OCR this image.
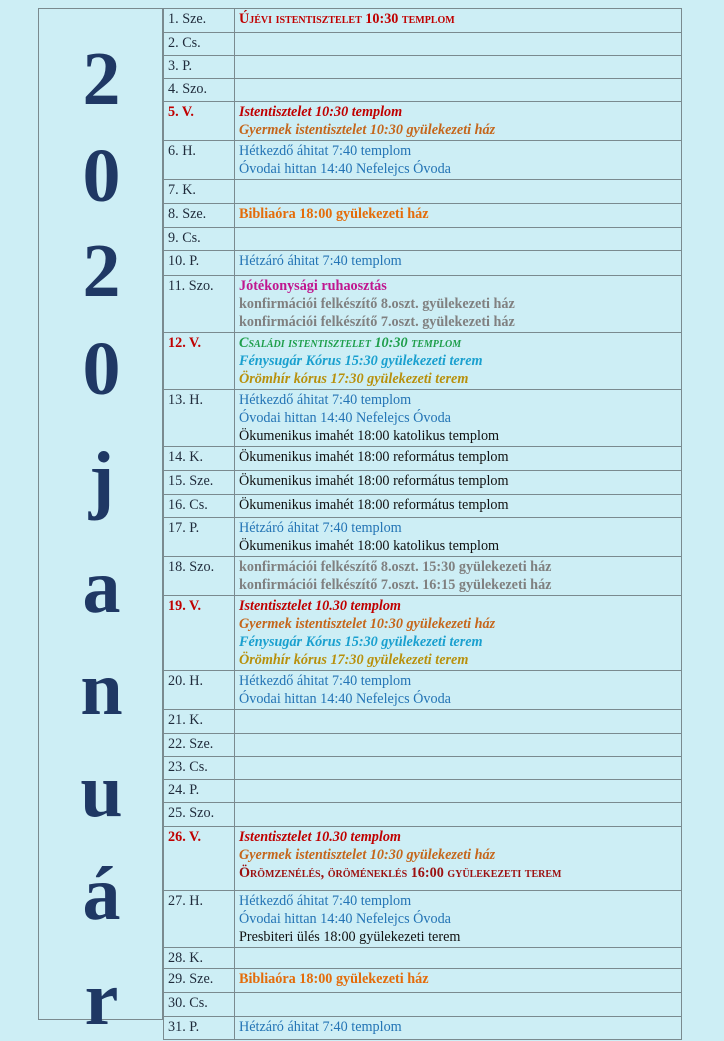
2
0
2
0
j
a
n
u
á
r
1. Sze.	Újévi istentisztelet 10:30 templom

2. Cs.	
3. P.	
4. Szo.	
5. V.	Istentisztelet 10:30 templom
Gyermek istentisztelet 10:30 gyülekezeti ház

6. H.	Hétkezdő áhitat 7:40 templom
Óvodai hittan 14:40 Nefelejcs Óvoda

7. K.	
8. Sze.	Bibliaóra 18:00 gyülekezeti ház

9. Cs.	
10. P.	Hétzáró áhitat 7:40 templom

11. Szo.	Jótékonysági ruhaosztás
konfirmációi felkészítő 8.oszt. gyülekezeti ház
konfirmációi felkészítő 7.oszt. gyülekezeti ház

12. V.	Családi istentisztelet 10:30 templom
Fénysugár Kórus 15:30 gyülekezeti terem
Örömhír kórus 17:30 gyülekezeti terem

13. H.	Hétkezdő áhitat 7:40 templom
Óvodai hittan 14:40 Nefelejcs Óvoda
Ökumenikus imahét 18:00 katolikus templom

14. K.	Ökumenikus imahét 18:00 református templom

15. Sze.	Ökumenikus imahét 18:00 református templom

16. Cs.	Ökumenikus imahét 18:00 református templom

17. P.	Hétzáró áhitat 7:40 templom
Ökumenikus imahét 18:00 katolikus templom

18. Szo.	konfirmációi felkészítő 8.oszt. 15:30 gyülekezeti ház
konfirmációi felkészítő 7.oszt. 16:15 gyülekezeti ház

19. V.	Istentisztelet 10.30 templom
Gyermek istentisztelet 10:30 gyülekezeti ház
Fénysugár Kórus 15:30 gyülekezeti terem
Örömhír kórus 17:30 gyülekezeti terem

20. H.	Hétkezdő áhitat 7:40 templom
Óvodai hittan 14:40 Nefelejcs Óvoda

21. K.	
22. Sze.	
23. Cs.	
24. P.	
25. Szo.	
26. V.	Istentisztelet 10.30 templom
Gyermek istentisztelet 10:30 gyülekezeti ház
Örömzenélés, öröméneklés 16:00 gyülekezeti terem

27. H.	Hétkezdő áhitat 7:40 templom
Óvodai hittan 14:40 Nefelejcs Óvoda
Presbiteri ülés 18:00 gyülekezeti terem

28. K.	
29. Sze.	Bibliaóra 18:00 gyülekezeti ház

30. Cs.	
31. P.	Hétzáró áhitat 7:40 templom
